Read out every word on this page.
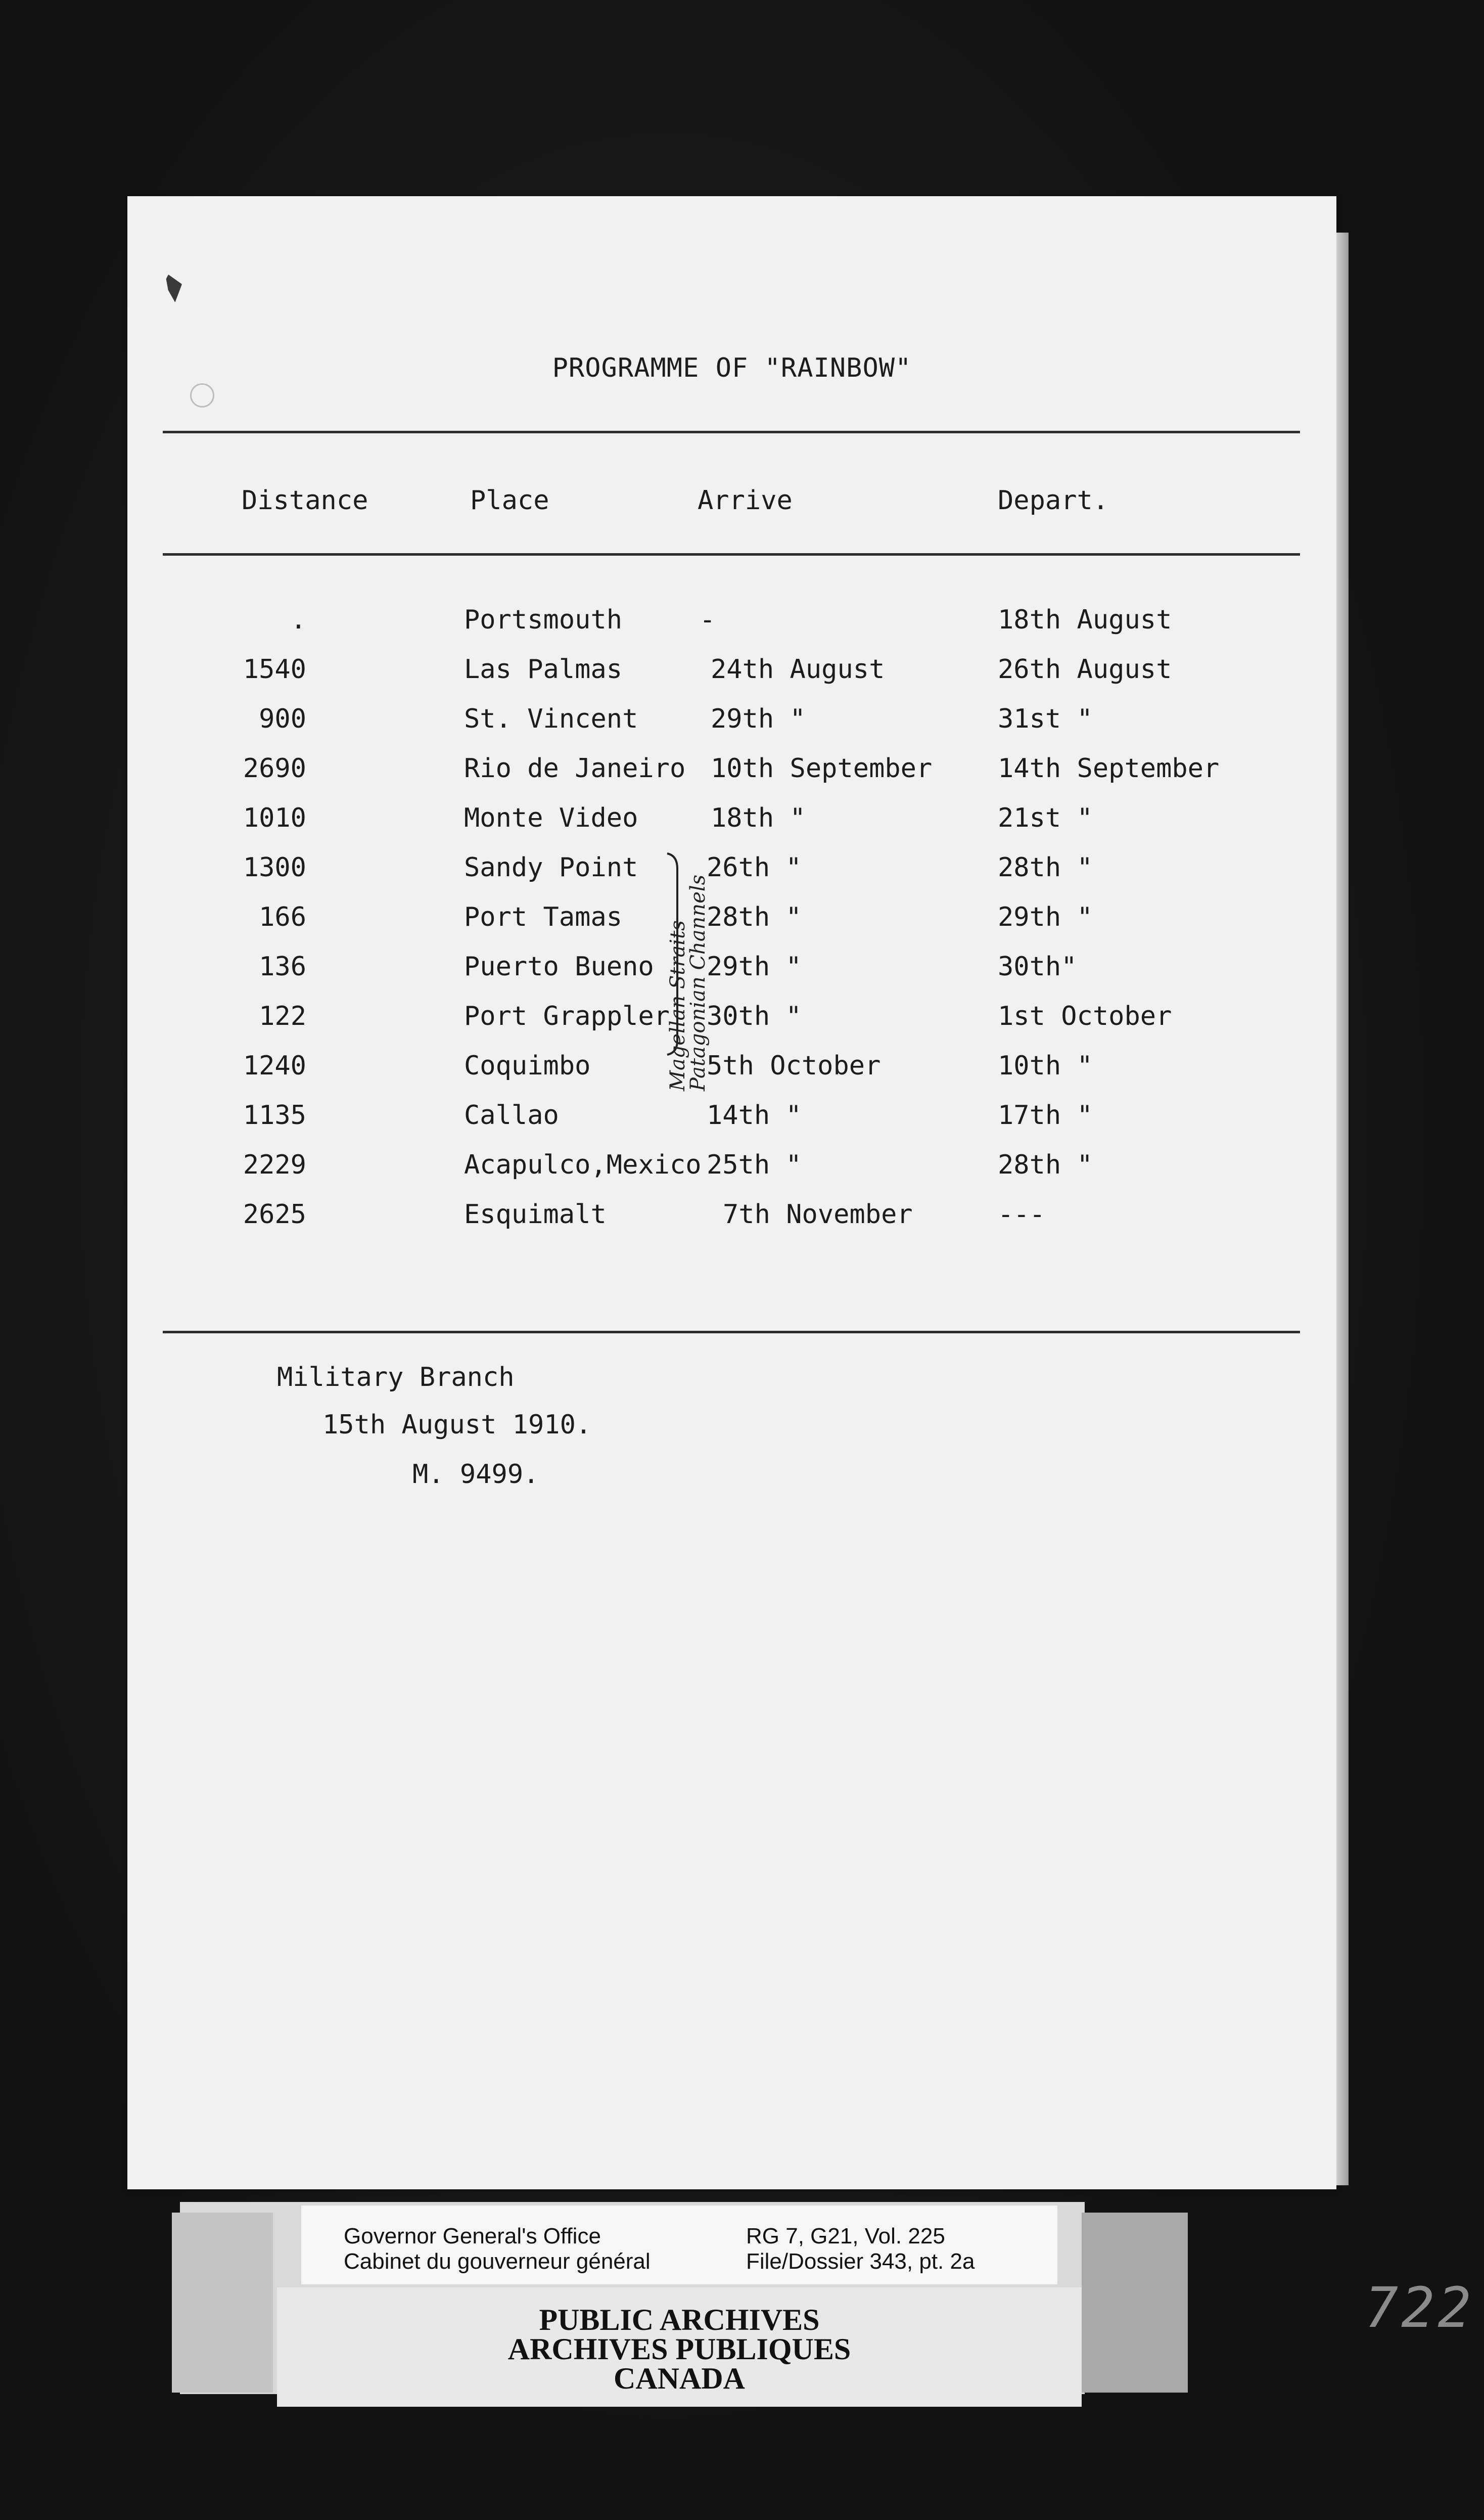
PROGRAMME OF "RAINBOW"
Distance	Place	Arrive	Depart.
.	Portsmouth	-	18th August
1540	Las Palmas	24th August	26th August
900	St. Vincent	29th "	31st "
2690	Rio de Janeiro 10th September 14th September
1010	Monte Video	18th "	21st "
1300	Sandy Point	26th "	28th "
166	Port Tamas	28th "	29th "
136	Puerto Bueno 29th "	30th"
122	Port Grappler 30th "	1st October
1240	Coquimbo	5th October	10th "
1135	Callao	14th "	17th "
2229	Acapulco,Mexico 25th "	28th "
2625	Esquimalt	7th November	---
Magellan Straits
Patagonian Channels
Military Branch
15th August 1910.
M. 9499.
Governor General's Office
Cabinet du gouverneur général
RG 7, G21, Vol. 225
File/Dossier 343, pt. 2a
PUBLIC ARCHIVES
ARCHIVES PUBLIQUES
CANADA
722
